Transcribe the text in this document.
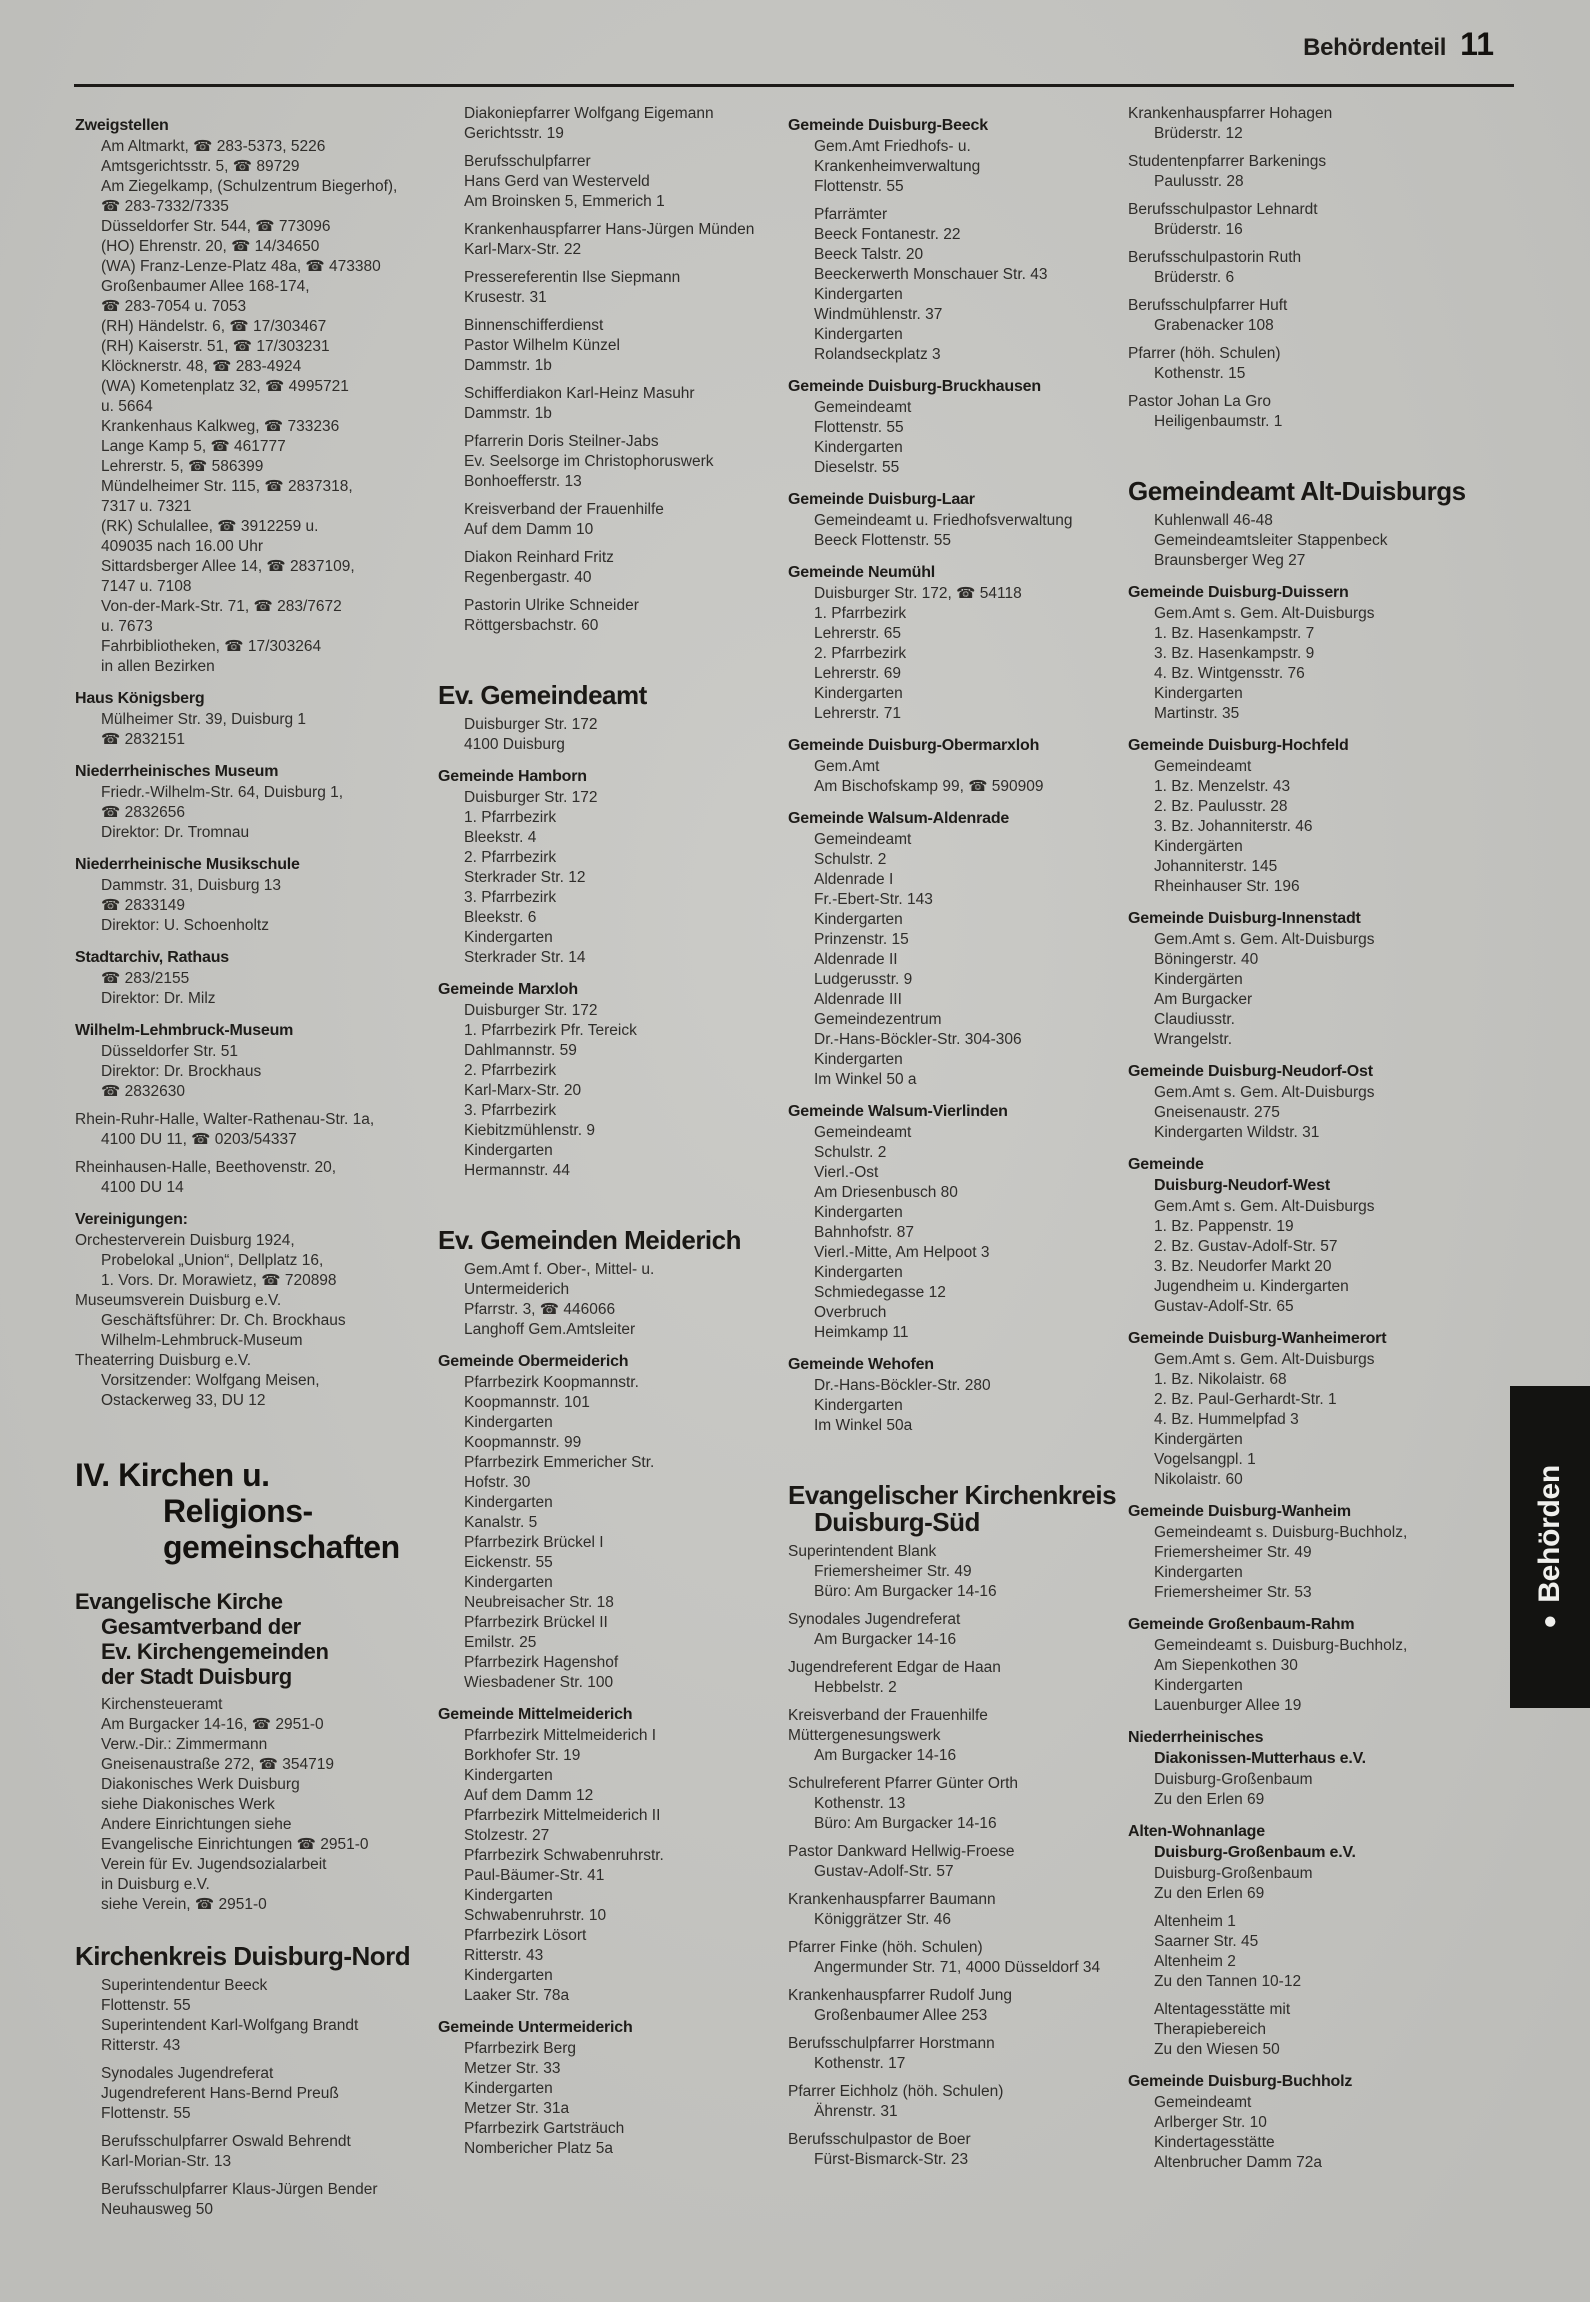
Behördenteil 11
Zweigstellen
Am Altmarkt, ☎ 283-5373, 5226
Amtsgerichtsstr. 5, ☎ 89729
Am Ziegelkamp, (Schulzentrum Biegerhof),
☎ 283-7332/7335
Düsseldorfer Str. 544, ☎ 773096
(HO) Ehrenstr. 20, ☎ 14/34650
(WA) Franz-Lenze-Platz 48a, ☎ 473380
Großenbaumer Allee 168-174,
☎ 283-7054 u. 7053
(RH) Händelstr. 6, ☎ 17/303467
(RH) Kaiserstr. 51, ☎ 17/303231
Klöcknerstr. 48, ☎ 283-4924
(WA) Kometenplatz 32, ☎ 4995721
u. 5664
Krankenhaus Kalkweg, ☎ 733236
Lange Kamp 5, ☎ 461777
Lehrerstr. 5, ☎ 586399
Mündelheimer Str. 115, ☎ 2837318,
7317 u. 7321
(RK) Schulallee, ☎ 3912259 u.
409035 nach 16.00 Uhr
Sittardsberger Allee 14, ☎ 2837109,
7147 u. 7108
Von-der-Mark-Str. 71, ☎ 283/7672
u. 7673
Fahrbibliotheken, ☎ 17/303264
in allen Bezirken
Haus Königsberg
Mülheimer Str. 39, Duisburg 1
☎ 2832151
Niederrheinisches Museum
Friedr.-Wilhelm-Str. 64, Duisburg 1,
☎ 2832656
Direktor: Dr. Tromnau
Niederrheinische Musikschule
Dammstr. 31, Duisburg 13
☎ 2833149
Direktor: U. Schoenholtz
Stadtarchiv, Rathaus
☎ 283/2155
Direktor: Dr. Milz
Wilhelm-Lehmbruck-Museum
Düsseldorfer Str. 51
Direktor: Dr. Brockhaus
☎ 2832630
Rhein-Ruhr-Halle, Walter-Rathenau-Str. 1a,
4100 DU 11, ☎ 0203/54337
Rheinhausen-Halle, Beethovenstr. 20,
4100 DU 14
Vereinigungen:
Orchesterverein Duisburg 1924,
Probelokal „Union“, Dellplatz 16,
1. Vors. Dr. Morawietz, ☎ 720898
Museumsverein Duisburg e.V.
Geschäftsführer: Dr. Ch. Brockhaus
Wilhelm-Lehmbruck-Museum
Theaterring Duisburg e.V.
Vorsitzender: Wolfgang Meisen,
Ostackerweg 33, DU 12
IV. Kirchen u.
Religions-
gemeinschaften
Evangelische Kirche
Gesamtverband der
Ev. Kirchengemeinden
der Stadt Duisburg
Kirchensteueramt
Am Burgacker 14-16, ☎ 2951-0
Verw.-Dir.: Zimmermann
Gneisenaustraße 272, ☎ 354719
Diakonisches Werk Duisburg
siehe Diakonisches Werk
Andere Einrichtungen siehe
Evangelische Einrichtungen ☎ 2951-0
Verein für Ev. Jugendsozialarbeit
in Duisburg e.V.
siehe Verein, ☎ 2951-0
Kirchenkreis Duisburg-Nord
Superintendentur Beeck
Flottenstr. 55
Superintendent Karl-Wolfgang Brandt
Ritterstr. 43
Synodales Jugendreferat
Jugendreferent Hans-Bernd Preuß
Flottenstr. 55
Berufsschulpfarrer Oswald Behrendt
Karl-Morian-Str. 13
Berufsschulpfarrer Klaus-Jürgen Bender
Neuhausweg 50
Diakoniepfarrer Wolfgang Eigemann
Gerichtsstr. 19
Berufsschulpfarrer
Hans Gerd van Westerveld
Am Broinsken 5, Emmerich 1
Krankenhauspfarrer Hans-Jürgen Münden
Karl-Marx-Str. 22
Pressereferentin Ilse Siepmann
Krusestr. 31
Binnenschifferdienst
Pastor Wilhelm Künzel
Dammstr. 1b
Schifferdiakon Karl-Heinz Masuhr
Dammstr. 1b
Pfarrerin Doris Steilner-Jabs
Ev. Seelsorge im Christophoruswerk
Bonhoefferstr. 13
Kreisverband der Frauenhilfe
Auf dem Damm 10
Diakon Reinhard Fritz
Regenbergastr. 40
Pastorin Ulrike Schneider
Röttgersbachstr. 60
Ev. Gemeindeamt
Duisburger Str. 172
4100 Duisburg
Gemeinde Hamborn
Duisburger Str. 172
1. Pfarrbezirk
Bleekstr. 4
2. Pfarrbezirk
Sterkrader Str. 12
3. Pfarrbezirk
Bleekstr. 6
Kindergarten
Sterkrader Str. 14
Gemeinde Marxloh
Duisburger Str. 172
1. Pfarrbezirk Pfr. Tereick
Dahlmannstr. 59
2. Pfarrbezirk
Karl-Marx-Str. 20
3. Pfarrbezirk
Kiebitzmühlenstr. 9
Kindergarten
Hermannstr. 44
Ev. Gemeinden Meiderich
Gem.Amt f. Ober-, Mittel- u.
Untermeiderich
Pfarrstr. 3, ☎ 446066
Langhoff Gem.Amtsleiter
Gemeinde Obermeiderich
Pfarrbezirk Koopmannstr.
Koopmannstr. 101
Kindergarten
Koopmannstr. 99
Pfarrbezirk Emmericher Str.
Hofstr. 30
Kindergarten
Kanalstr. 5
Pfarrbezirk Brückel I
Eickenstr. 55
Kindergarten
Neubreisacher Str. 18
Pfarrbezirk Brückel II
Emilstr. 25
Pfarrbezirk Hagenshof
Wiesbadener Str. 100
Gemeinde Mittelmeiderich
Pfarrbezirk Mittelmeiderich I
Borkhofer Str. 19
Kindergarten
Auf dem Damm 12
Pfarrbezirk Mittelmeiderich II
Stolzestr. 27
Pfarrbezirk Schwabenruhrstr.
Paul-Bäumer-Str. 41
Kindergarten
Schwabenruhrstr. 10
Pfarrbezirk Lösort
Ritterstr. 43
Kindergarten
Laaker Str. 78a
Gemeinde Untermeiderich
Pfarrbezirk Berg
Metzer Str. 33
Kindergarten
Metzer Str. 31a
Pfarrbezirk Gartsträuch
Nombericher Platz 5a
Gemeinde Duisburg-Beeck
Gem.Amt Friedhofs- u.
Krankenheimverwaltung
Flottenstr. 55
Pfarrämter
Beeck Fontanestr. 22
Beeck Talstr. 20
Beeckerwerth Monschauer Str. 43
Kindergarten
Windmühlenstr. 37
Kindergarten
Rolandseckplatz 3
Gemeinde Duisburg-Bruckhausen
Gemeindeamt
Flottenstr. 55
Kindergarten
Dieselstr. 55
Gemeinde Duisburg-Laar
Gemeindeamt u. Friedhofsverwaltung
Beeck Flottenstr. 55
Gemeinde Neumühl
Duisburger Str. 172, ☎ 54118
1. Pfarrbezirk
Lehrerstr. 65
2. Pfarrbezirk
Lehrerstr. 69
Kindergarten
Lehrerstr. 71
Gemeinde Duisburg-Obermarxloh
Gem.Amt
Am Bischofskamp 99, ☎ 590909
Gemeinde Walsum-Aldenrade
Gemeindeamt
Schulstr. 2
Aldenrade I
Fr.-Ebert-Str. 143
Kindergarten
Prinzenstr. 15
Aldenrade II
Ludgerusstr. 9
Aldenrade III
Gemeindezentrum
Dr.-Hans-Böckler-Str. 304-306
Kindergarten
Im Winkel 50 a
Gemeinde Walsum-Vierlinden
Gemeindeamt
Schulstr. 2
Vierl.-Ost
Am Driesenbusch 80
Kindergarten
Bahnhofstr. 87
Vierl.-Mitte, Am Helpoot 3
Kindergarten
Schmiedegasse 12
Overbruch
Heimkamp 11
Gemeinde Wehofen
Dr.-Hans-Böckler-Str. 280
Kindergarten
Im Winkel 50a
Evangelischer Kirchenkreis
Duisburg-Süd
Superintendent Blank
Friemersheimer Str. 49
Büro: Am Burgacker 14-16
Synodales Jugendreferat
Am Burgacker 14-16
Jugendreferent Edgar de Haan
Hebbelstr. 2
Kreisverband der Frauenhilfe
Müttergenesungswerk
Am Burgacker 14-16
Schulreferent Pfarrer Günter Orth
Kothenstr. 13
Büro: Am Burgacker 14-16
Pastor Dankward Hellwig-Froese
Gustav-Adolf-Str. 57
Krankenhauspfarrer Baumann
Königgrätzer Str. 46
Pfarrer Finke (höh. Schulen)
Angermunder Str. 71, 4000 Düsseldorf 34
Krankenhauspfarrer Rudolf Jung
Großenbaumer Allee 253
Berufsschulpfarrer Horstmann
Kothenstr. 17
Pfarrer Eichholz (höh. Schulen)
Ährenstr. 31
Berufsschulpastor de Boer
Fürst-Bismarck-Str. 23
Krankenhauspfarrer Hohagen
Brüderstr. 12
Studentenpfarrer Barkenings
Paulusstr. 28
Berufsschulpastor Lehnardt
Brüderstr. 16
Berufsschulpastorin Ruth
Brüderstr. 6
Berufsschulpfarrer Huft
Grabenacker 108
Pfarrer (höh. Schulen)
Kothenstr. 15
Pastor Johan La Gro
Heiligenbaumstr. 1
Gemeindeamt Alt-Duisburgs
Kuhlenwall 46-48
Gemeindeamtsleiter Stappenbeck
Braunsberger Weg 27
Gemeinde Duisburg-Duissern
Gem.Amt s. Gem. Alt-Duisburgs
1. Bz. Hasenkampstr. 7
3. Bz. Hasenkampstr. 9
4. Bz. Wintgensstr. 76
Kindergarten
Martinstr. 35
Gemeinde Duisburg-Hochfeld
Gemeindeamt
1. Bz. Menzelstr. 43
2. Bz. Paulusstr. 28
3. Bz. Johanniterstr. 46
Kindergärten
Johanniterstr. 145
Rheinhauser Str. 196
Gemeinde Duisburg-Innenstadt
Gem.Amt s. Gem. Alt-Duisburgs
Böningerstr. 40
Kindergärten
Am Burgacker
Claudiusstr.
Wrangelstr.
Gemeinde Duisburg-Neudorf-Ost
Gem.Amt s. Gem. Alt-Duisburgs
Gneisenaustr. 275
Kindergarten Wildstr. 31
Gemeinde
Duisburg-Neudorf-West
Gem.Amt s. Gem. Alt-Duisburgs
1. Bz. Pappenstr. 19
2. Bz. Gustav-Adolf-Str. 57
3. Bz. Neudorfer Markt 20
Jugendheim u. Kindergarten
Gustav-Adolf-Str. 65
Gemeinde Duisburg-Wanheimerort
Gem.Amt s. Gem. Alt-Duisburgs
1. Bz. Nikolaistr. 68
2. Bz. Paul-Gerhardt-Str. 1
4. Bz. Hummelpfad 3
Kindergärten
Vogelsangpl. 1
Nikolaistr. 60
Gemeinde Duisburg-Wanheim
Gemeindeamt s. Duisburg-Buchholz,
Friemersheimer Str. 49
Kindergarten
Friemersheimer Str. 53
Gemeinde Großenbaum-Rahm
Gemeindeamt s. Duisburg-Buchholz,
Am Siepenkothen 30
Kindergarten
Lauenburger Allee 19
Niederrheinisches
Diakonissen-Mutterhaus e.V.
Duisburg-Großenbaum
Zu den Erlen 69
Alten-Wohnanlage
Duisburg-Großenbaum e.V.
Duisburg-Großenbaum
Zu den Erlen 69
Altenheim 1
Saarner Str. 45
Altenheim 2
Zu den Tannen 10-12
Altentagesstätte mit
Therapiebereich
Zu den Wiesen 50
Gemeinde Duisburg-Buchholz
Gemeindeamt
Arlberger Str. 10
Kindertagesstätte
Altenbrucher Damm 72a
●
Behörden
